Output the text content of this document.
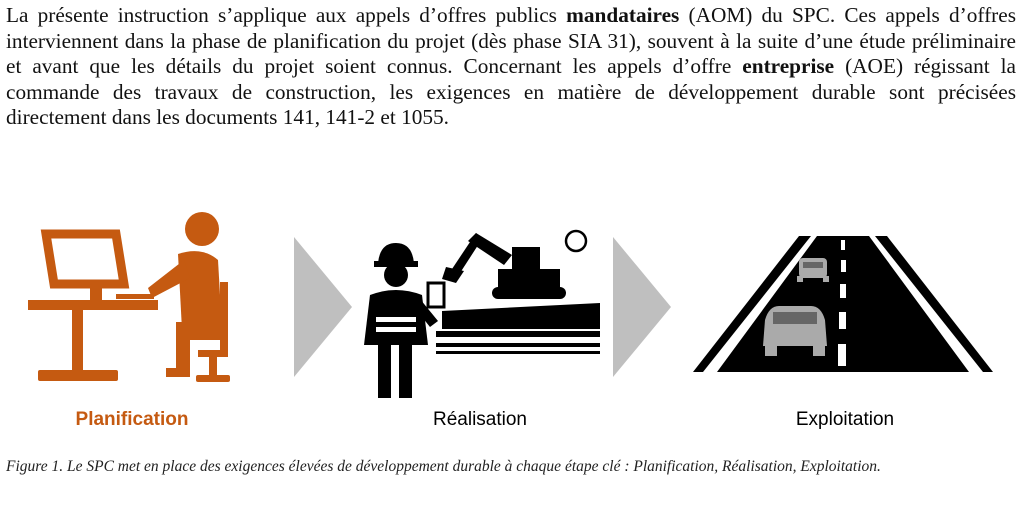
La présente instruction s’applique aux appels d’offres publics mandataires (AOM) du SPC. Ces appels d’offres interviennent dans la phase de planification du projet (dès phase SIA 31), souvent à la suite d’une étude préliminaire et avant que les détails du projet soient connus. Concernant les appels d’offre entreprise (AOE) régissant la commande des travaux de construction, les exigences en matière de développement durable sont précisées directement dans les documents 141, 141-2 et 1055.

Planification	Réalisation	Exploitation

Figure 1. Le SPC met en place des exigences élevées de développement durable à chaque étape clé : Planification, Réalisation, Exploitation.
